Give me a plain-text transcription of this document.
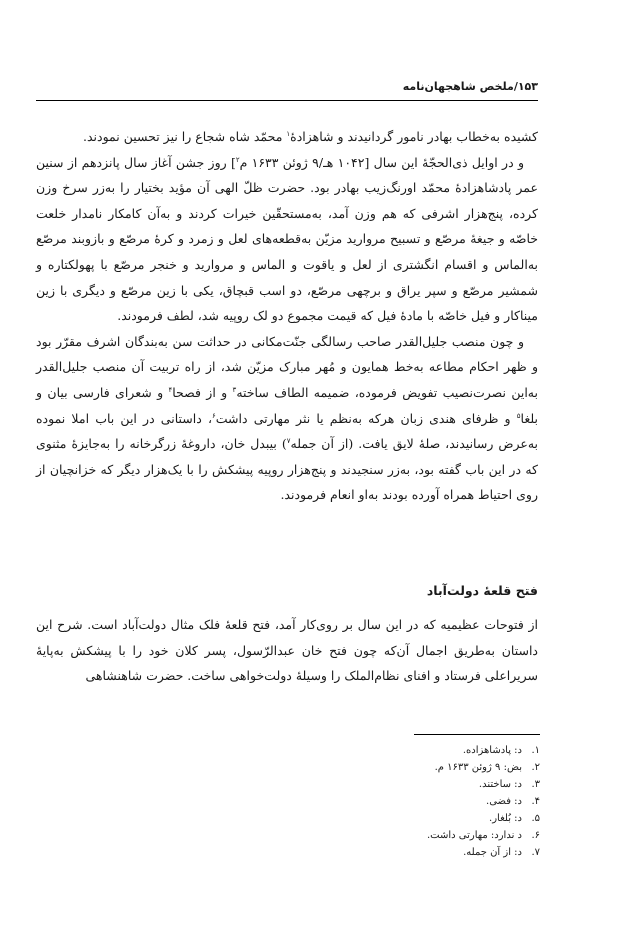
۱۵۳/ملخص شاهجهان‌نامه

کشیده به‌خطاب بهادر نامور گردانیدند و شاهزادهٔ$^۱$ محمّد شاه شجاع را نیز تحسین نمودند.

و در اوایل ذی‌الحجّهٔ این سال [۱۰۴۲ هـ/۹ ژوئن ۱۶۳۳ م$^۲$] روز جشن آغاز سال پانزدهم از سنین عمر پادشاهزادهٔ محمّد اورنگ‌زیب بهادر بود. حضرت ظلّ الهی آن مؤید بختیار را به‌زر سرخ وزن کرده، پنج‌هزار اشرفی که هم وزن آمد، به‌مستحقّین خیرات کردند و به‌آن کامکار نامدار خلعت خاصّه و جیغهٔ مرصّع و تسبیح مروارید مزیّن به‌قطعه‌های لعل و زمرد و کرهٔ مرصّع و بازوبند مرصّع به‌الماس و اقسام انگشتری از لعل و یاقوت و الماس و مروارید و خنجر مرصّع با پهولکتاره و شمشیر مرصّع و سپر یراق و برچهی مرصّع، دو اسب قبچاق، یکی با زین مرصّع و دیگری با زین میناکار و فیل خاصّه با مادهٔ فیل که قیمت مجموع دو لک روپیه شد، لطف فرمودند.

و چون منصب جلیل‌القدر صاحب رسالگی جنّت‌مکانی در حداثت سن به‌بندگان اشرف مقرّر بود و ظهر احکام مطاعه به‌خط همایون و مُهر مبارک مزیّن شد، از راه تربیت آن منصب جلیل‌القدر به‌این نصرت‌نصیب تفویض فرموده، ضمیمه الطاف ساخته$^۳$ و از فصحا$^۴$ و شعرای فارسی بیان و بلغا$^۵$ و ظرفای هندی زبان هرکه به‌نظم یا نثر مهارتی داشت$^۶$، داستانی در این باب املا نموده به‌عرض رسانیدند، صلهٔ لایق یافت. (از آن جمله$^۷$) بیبدل خان، داروغهٔ زرگرخانه را به‌جایزهٔ مثنوی که در این باب گفته بود، به‌زر سنجیدند و پنج‌هزار روپیه پیشکش را با یک‌هزار دیگر که خزانچیان از روی احتیاط همراه آورده بودند به‌او انعام فرمودند.

فتح قلعهٔ دولت‌آباد

از فتوحات عظیمیه که در این سال بر روی‌کار آمد، فتح قلعهٔ فلک مثال دولت‌آباد است. شرح این داستان به‌طریق اجمال آن‌که چون فتح خان عبدالرّسول، پسر کلان خود را با پیشکش به‌پایهٔ سریراعلی فرستاد و افنای نظام‌الملک را وسیلهٔ دولت‌خواهی ساخت. حضرت شاهنشاهی

۱.
د: پادشاهزاده.
۲.
بض: ۹ ژوئن ۱۶۳۳ م.
۳.
د: ساختند.
۴.
د: فضی.
۵.
د: بُلغار.
۶.
د ندارد: مهارتی داشت.
۷.
د: از آن جمله.
